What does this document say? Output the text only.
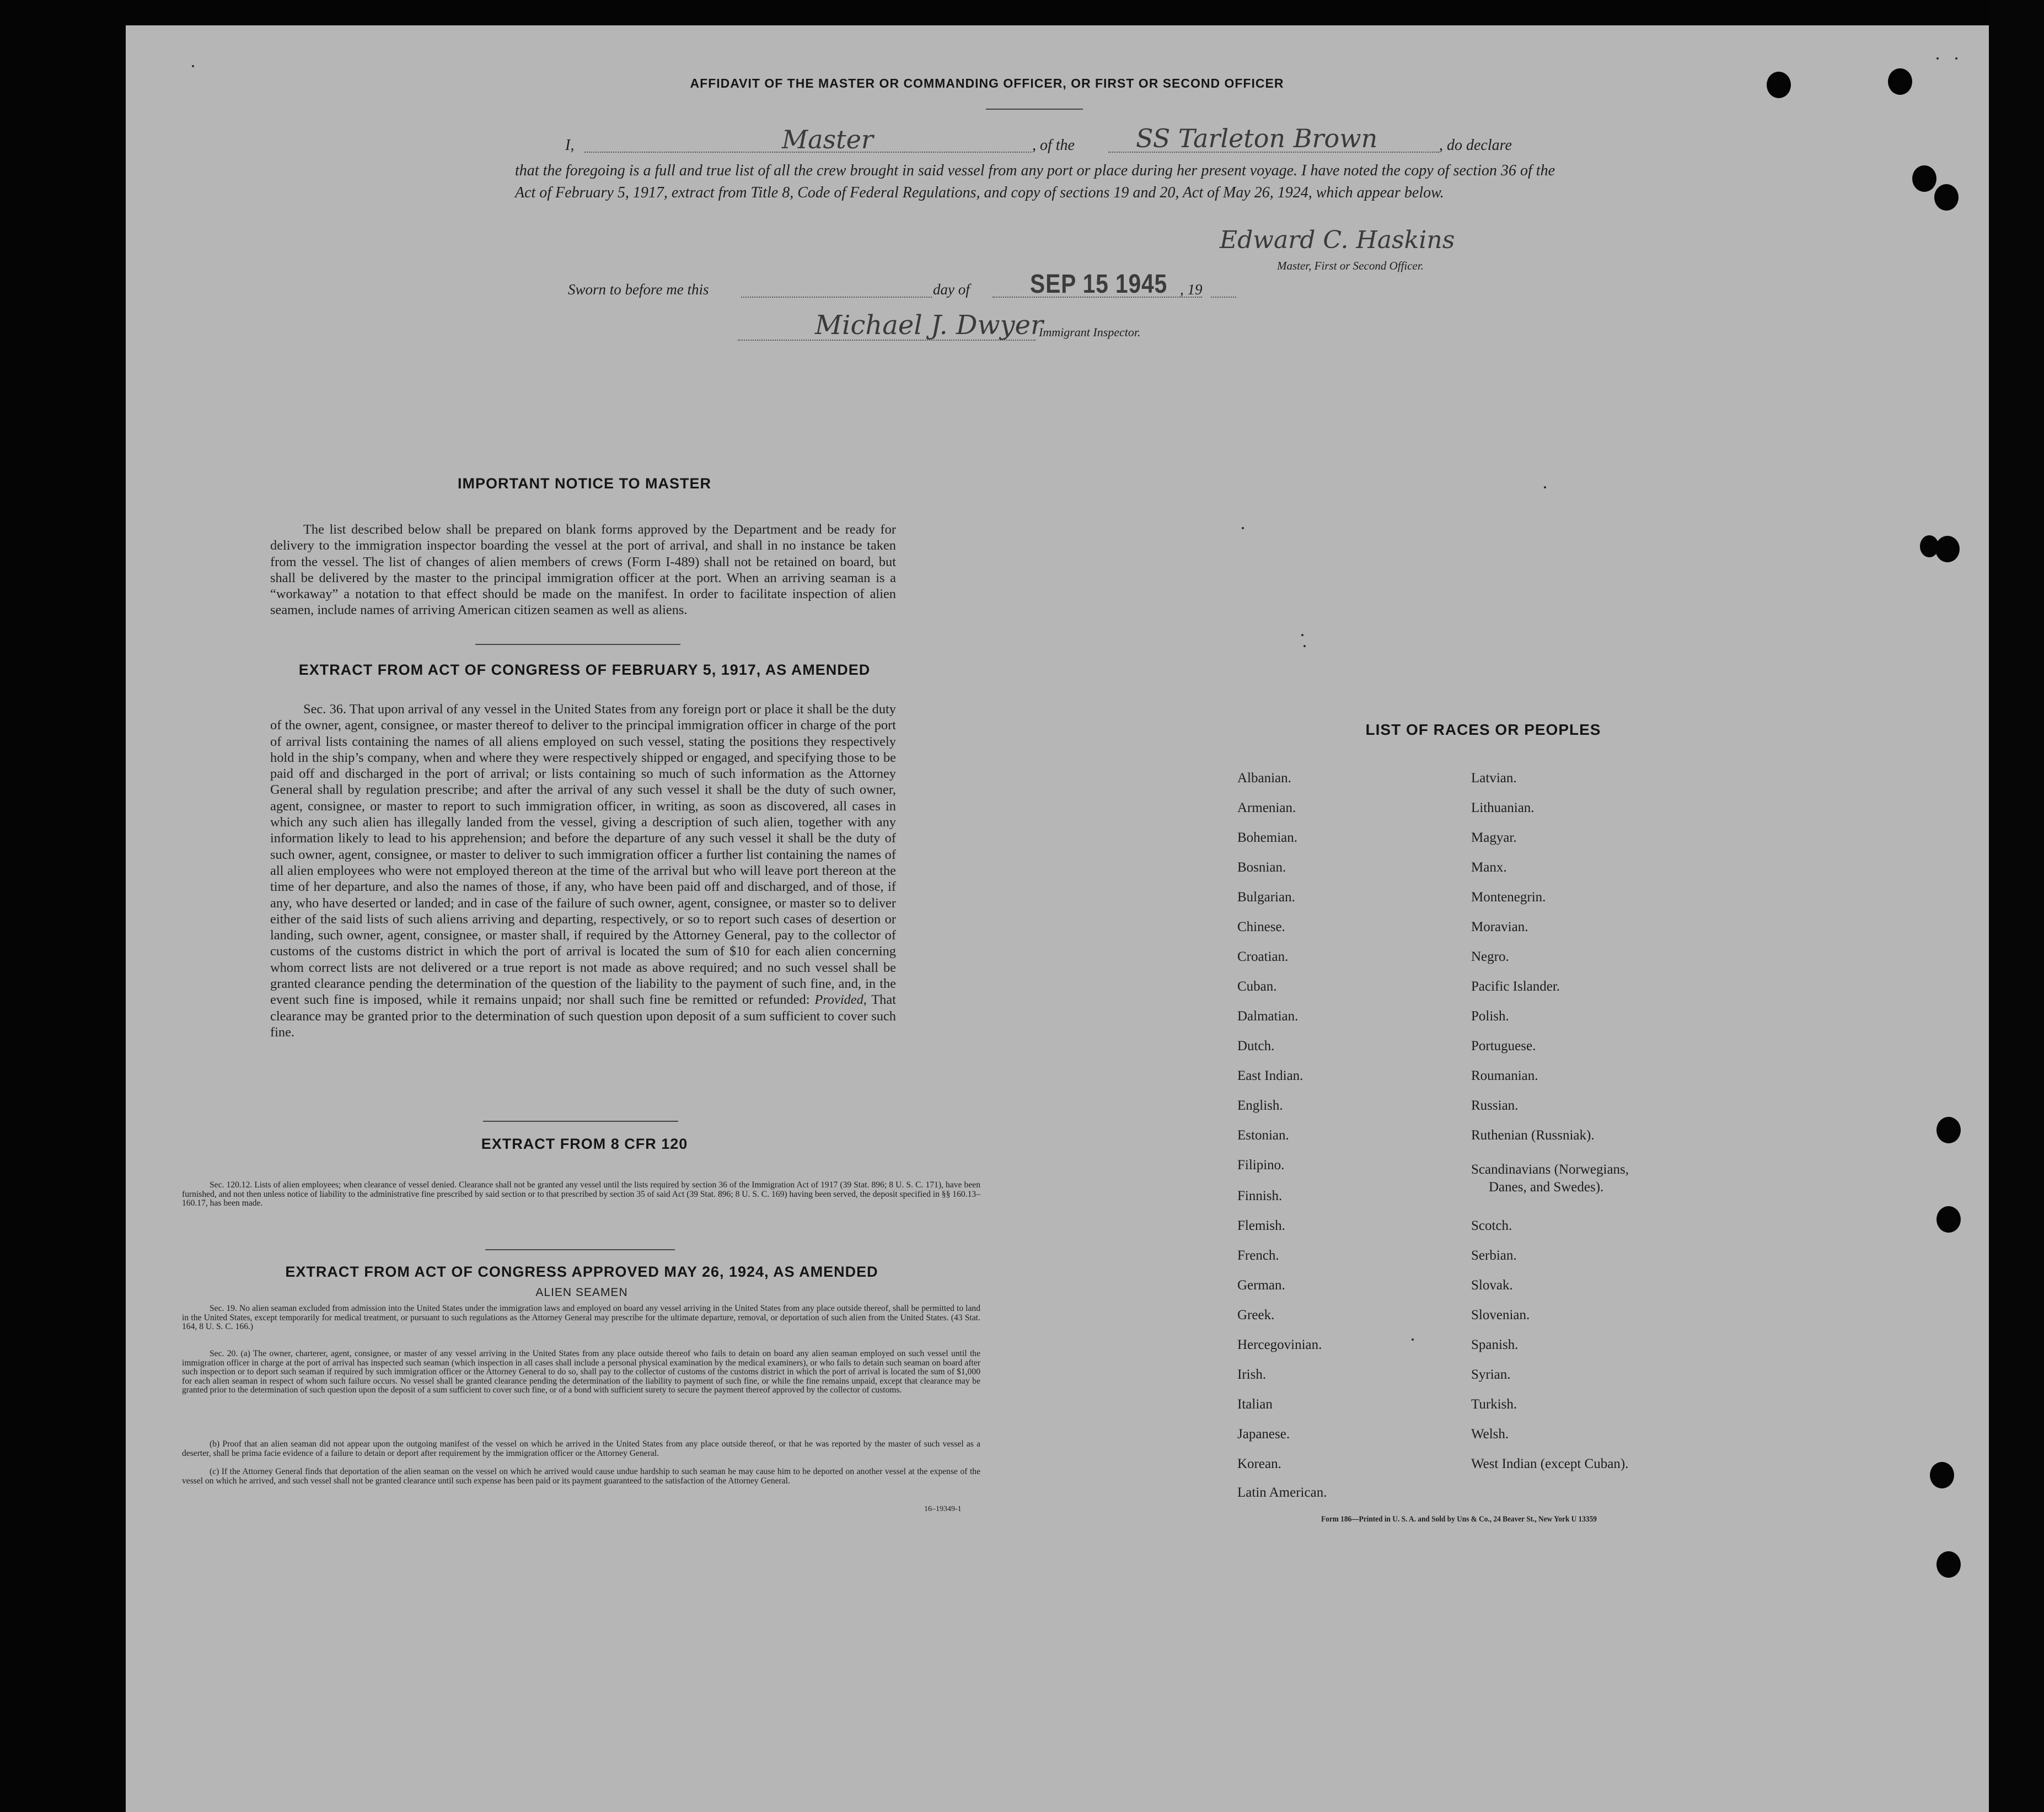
AFFIDAVIT OF THE MASTER OR COMMANDING OFFICER, OR FIRST OR SECOND OFFICER
I,	Master	, of the SS Tarleton Brown	, do declare
that the foregoing is a full and true list of all the crew brought in said vessel from any port or place during her present voyage. I have noted the copy of section 36 of the Act of February 5, 1917, extract from Title 8, Code of Federal Regulations, and copy of sections 19 and 20, Act of May 26, 1924, which appear below.
Edward C. Haskins
Master, First or Second Officer.
Sworn to before me this	day of SEP 15 1945 , 19
Michael J. Dwyer
Immigrant Inspector.
IMPORTANT NOTICE TO MASTER
The list described below shall be prepared on blank forms approved by the Department and be ready for delivery to the immigration inspector boarding the vessel at the port of arrival, and shall in no instance be taken from the vessel. The list of changes of alien members of crews (Form I-489) shall not be retained on board, but shall be delivered by the master to the principal immigration officer at the port. When an arriving seaman is a “workaway” a notation to that effect should be made on the manifest. In order to facilitate inspection of alien seamen, include names of arriving American citizen seamen as well as aliens.
EXTRACT FROM ACT OF CONGRESS OF FEBRUARY 5, 1917, AS AMENDED
Sec. 36. That upon arrival of any vessel in the United States from any foreign port or place it shall be the duty of the owner, agent, consignee, or master thereof to deliver to the principal immigration officer in charge of the port of arrival lists containing the names of all aliens employed on such vessel, stating the positions they respectively hold in the ship’s company, when and where they were respectively shipped or engaged, and specifying those to be paid off and discharged in the port of arrival; or lists containing so much of such information as the Attorney General shall by regulation prescribe; and after the arrival of any such vessel it shall be the duty of such owner, agent, consignee, or master to report to such immigration officer, in writing, as soon as discovered, all cases in which any such alien has illegally landed from the vessel, giving a description of such alien, together with any information likely to lead to his apprehension; and before the departure of any such vessel it shall be the duty of such owner, agent, consignee, or master to deliver to such immigration officer a further list containing the names of all alien employees who were not employed thereon at the time of the arrival but who will leave port thereon at the time of her departure, and also the names of those, if any, who have been paid off and discharged, and of those, if any, who have deserted or landed; and in case of the failure of such owner, agent, consignee, or master so to deliver either of the said lists of such aliens arriving and departing, respectively, or so to report such cases of desertion or landing, such owner, agent, consignee, or master shall, if required by the Attorney General, pay to the collector of customs of the customs district in which the port of arrival is located the sum of $10 for each alien concerning whom correct lists are not delivered or a true report is not made as above required; and no such vessel shall be granted clearance pending the determination of the question of the liability to the payment of such fine, and, in the event such fine is imposed, while it remains unpaid; nor shall such fine be remitted or refunded: Provided, That clearance may be granted prior to the determination of such question upon deposit of a sum sufficient to cover such fine.
EXTRACT FROM 8 CFR 120
Sec. 120.12. Lists of alien employees; when clearance of vessel denied. Clearance shall not be granted any vessel until the lists required by section 36 of the Immigration Act of 1917 (39 Stat. 896; 8 U. S. C. 171), have been furnished, and not then unless notice of liability to the administrative fine prescribed by said section or to that prescribed by section 35 of said Act (39 Stat. 896; 8 U. S. C. 169) having been served, the deposit specified in §§ 160.13–160.17, has been made.
EXTRACT FROM ACT OF CONGRESS APPROVED MAY 26, 1924, AS AMENDED
ALIEN SEAMEN
Sec. 19. No alien seaman excluded from admission into the United States under the immigration laws and employed on board any vessel arriving in the United States from any place outside thereof, shall be permitted to land in the United States, except temporarily for medical treatment, or pursuant to such regulations as the Attorney General may prescribe for the ultimate departure, removal, or deportation of such alien from the United States. (43 Stat. 164, 8 U. S. C. 166.)
Sec. 20. (a) The owner, charterer, agent, consignee, or master of any vessel arriving in the United States from any place outside thereof who fails to detain on board any alien seaman employed on such vessel until the immigration officer in charge at the port of arrival has inspected such seaman (which inspection in all cases shall include a personal physical examination by the medical examiners), or who fails to detain such seaman on board after such inspection or to deport such seaman if required by such immigration officer or the Attorney General to do so, shall pay to the collector of customs of the customs district in which the port of arrival is located the sum of $1,000 for each alien seaman in respect of whom such failure occurs. No vessel shall be granted clearance pending the determination of the liability to payment of such fine, or while the fine remains unpaid, except that clearance may be granted prior to the determination of such question upon the deposit of a sum sufficient to cover such fine, or of a bond with sufficient surety to secure the payment thereof approved by the collector of customs.
(b) Proof that an alien seaman did not appear upon the outgoing manifest of the vessel on which he arrived in the United States from any place outside thereof, or that he was reported by the master of such vessel as a deserter, shall be prima facie evidence of a failure to detain or deport after requirement by the immigration officer or the Attorney General.
(c) If the Attorney General finds that deportation of the alien seaman on the vessel on which he arrived would cause undue hardship to such seaman he may cause him to be deported on another vessel at the expense of the vessel on which he arrived, and such vessel shall not be granted clearance until such expense has been paid or its payment guaranteed to the satisfaction of the Attorney General.
16–19349-1
LIST OF RACES OR PEOPLES
Albanian.
Armenian.
Bohemian.
Bosnian.
Bulgarian.
Chinese.
Croatian.
Cuban.
Dalmatian.
Dutch.
East Indian.
English.
Estonian.
Filipino.
Finnish.
Flemish.
French.
German.
Greek.
Hercegovinian.
Irish.
Italian
Japanese.
Korean.
Latin American.
Latvian.
Lithuanian.
Magyar.
Manx.
Montenegrin.
Moravian.
Negro.
Pacific Islander.
Polish.
Portuguese.
Roumanian.
Russian.
Ruthenian (Russniak).
Scandinavians (Norwegians,
Scotch.
Serbian.
Slovak.
Slovenian.
Spanish.
Syrian.
Turkish.
Welsh.
West Indian (except Cuban).
Danes, and Swedes).
Form 186—Printed in U. S. A. and Sold by Uns & Co., 24 Beaver St., New York U 13359
